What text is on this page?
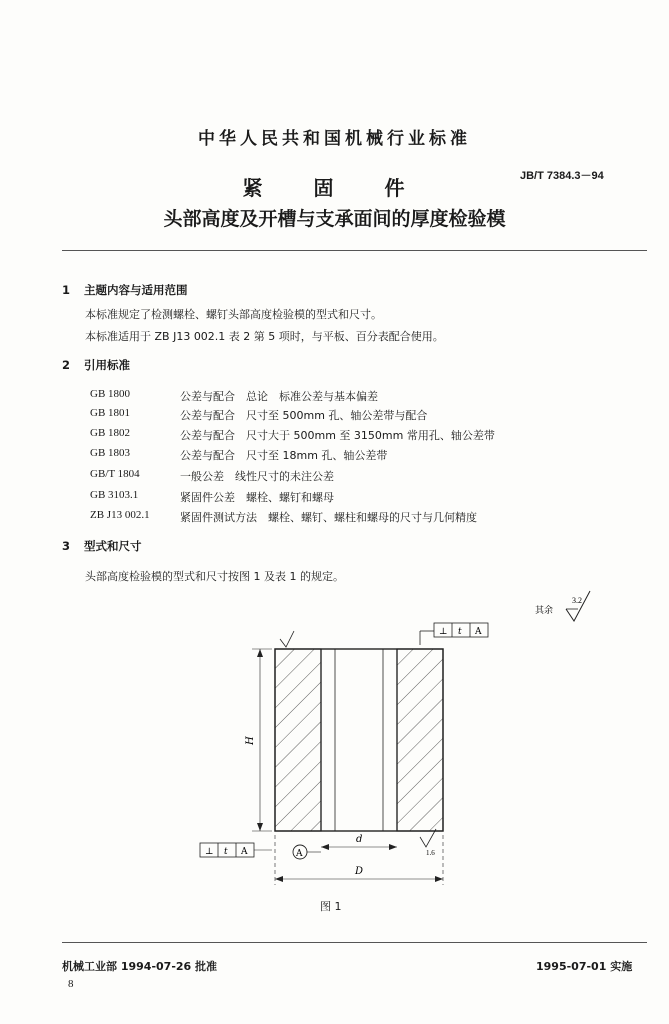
中华人民共和国机械行业标准
JB/T 7384.3－94
紧 固 件
头部高度及开槽与支承面间的厚度检验模
1 主题内容与适用范围
本标准规定了检测螺栓、螺钉头部高度检验模的型式和尺寸。
本标准适用于 ZB J13 002.1 表 2 第 5 项时，与平板、百分表配合使用。
2 引用标准
GB 1800	公差与配合　总论　标准公差与基本偏差
GB 1801	公差与配合　尺寸至 500mm 孔、轴公差带与配合
GB 1802	公差与配合　尺寸大于 500mm 至 3150mm 常用孔、轴公差带
GB 1803	公差与配合　尺寸至 18mm 孔、轴公差带
GB/T 1804	一般公差　线性尺寸的未注公差
GB 3103.1	紧固件公差　螺栓、螺钉和螺母
ZB J13 002.1	紧固件测试方法　螺栓、螺钉、螺柱和螺母的尺寸与几何精度
3 型式和尺寸
头部高度检验模的型式和尺寸按图 1 及表 1 的规定。
其余
3.2
⊥ t A
H
⊥ t A	A
d
1.6
D
图 1
机械工业部 1994-07-26 批准	1995-07-01 实施
8
